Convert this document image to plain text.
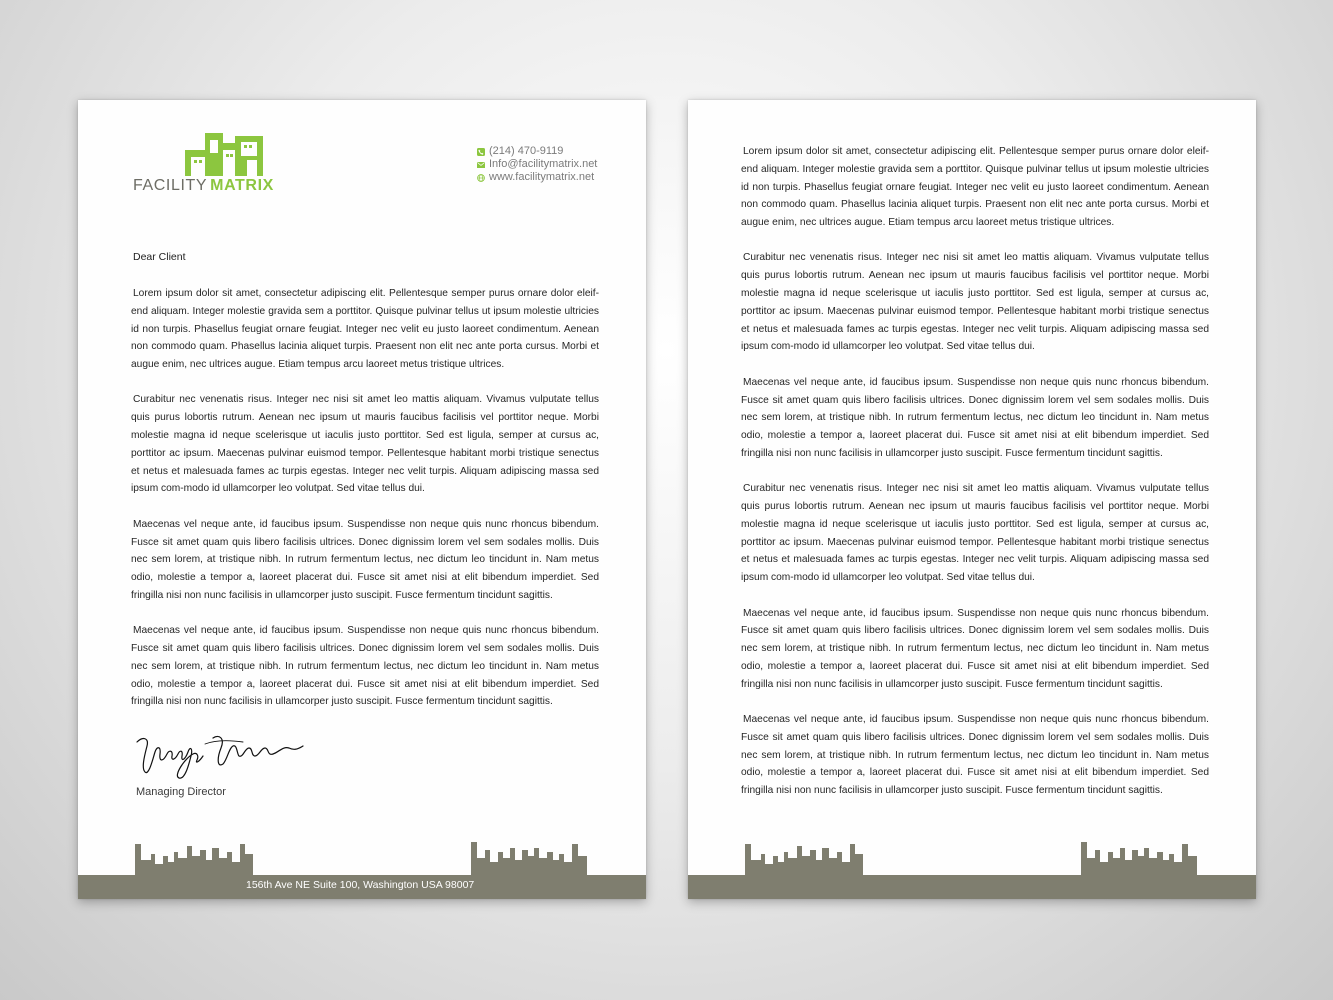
FACILITY MATRIX
(214) 470-9119
Info@facilitymatrix.net
www.facilitymatrix.net
Dear Client

Lorem ipsum dolor sit amet, consectetur adipiscing elit. Pellentesque semper purus ornare dolor eleif-end aliquam. Integer molestie gravida sem a porttitor. Quisque pulvinar tellus ut ipsum molestie ultricies id non turpis. Phasellus feugiat ornare feugiat. Integer nec velit eu justo laoreet condimentum. Aenean non commodo quam. Phasellus lacinia aliquet turpis. Praesent non elit nec ante porta cursus. Morbi et augue enim, nec ultrices augue. Etiam tempus arcu laoreet metus tristique ultrices.

Curabitur nec venenatis risus. Integer nec nisi sit amet leo mattis aliquam. Vivamus vulputate tellus quis purus lobortis rutrum. Aenean nec ipsum ut mauris faucibus facilisis vel porttitor neque. Morbi molestie magna id neque scelerisque ut iaculis justo porttitor. Sed est ligula, semper at cursus ac, porttitor ac ipsum. Maecenas pulvinar euismod tempor. Pellentesque habitant morbi tristique senectus et netus et malesuada fames ac turpis egestas. Integer nec velit turpis. Aliquam adipiscing massa sed ipsum com-modo id ullamcorper leo volutpat. Sed vitae tellus dui.

Maecenas vel neque ante, id faucibus ipsum. Suspendisse non neque quis nunc rhoncus bibendum. Fusce sit amet quam quis libero facilisis ultrices. Donec dignissim lorem vel sem sodales mollis. Duis nec sem lorem, at tristique nibh. In rutrum fermentum lectus, nec dictum leo tincidunt in. Nam metus odio, molestie a tempor a, laoreet placerat dui. Fusce sit amet nisi at elit bibendum imperdiet. Sed fringilla nisi non nunc facilisis in ullamcorper justo suscipit. Fusce fermentum tincidunt sagittis.

Maecenas vel neque ante, id faucibus ipsum. Suspendisse non neque quis nunc rhoncus bibendum. Fusce sit amet quam quis libero facilisis ultrices. Donec dignissim lorem vel sem sodales mollis. Duis nec sem lorem, at tristique nibh. In rutrum fermentum lectus, nec dictum leo tincidunt in. Nam metus odio, molestie a tempor a, laoreet placerat dui. Fusce sit amet nisi at elit bibendum imperdiet. Sed fringilla nisi non nunc facilisis in ullamcorper justo suscipit. Fusce fermentum tincidunt sagittis.

Managing Director
156th Ave NE Suite 100, Washington USA 98007

Lorem ipsum dolor sit amet, consectetur adipiscing elit. Pellentesque semper purus ornare dolor eleif-end aliquam. Integer molestie gravida sem a porttitor. Quisque pulvinar tellus ut ipsum molestie ultricies id non turpis. Phasellus feugiat ornare feugiat. Integer nec velit eu justo laoreet condimentum. Aenean non commodo quam. Phasellus lacinia aliquet turpis. Praesent non elit nec ante porta cursus. Morbi et augue enim, nec ultrices augue. Etiam tempus arcu laoreet metus tristique ultrices.

Curabitur nec venenatis risus. Integer nec nisi sit amet leo mattis aliquam. Vivamus vulputate tellus quis purus lobortis rutrum. Aenean nec ipsum ut mauris faucibus facilisis vel porttitor neque. Morbi molestie magna id neque scelerisque ut iaculis justo porttitor. Sed est ligula, semper at cursus ac, porttitor ac ipsum. Maecenas pulvinar euismod tempor. Pellentesque habitant morbi tristique senectus et netus et malesuada fames ac turpis egestas. Integer nec velit turpis. Aliquam adipiscing massa sed ipsum com-modo id ullamcorper leo volutpat. Sed vitae tellus dui.

Maecenas vel neque ante, id faucibus ipsum. Suspendisse non neque quis nunc rhoncus bibendum. Fusce sit amet quam quis libero facilisis ultrices. Donec dignissim lorem vel sem sodales mollis. Duis nec sem lorem, at tristique nibh. In rutrum fermentum lectus, nec dictum leo tincidunt in. Nam metus odio, molestie a tempor a, laoreet placerat dui. Fusce sit amet nisi at elit bibendum imperdiet. Sed fringilla nisi non nunc facilisis in ullamcorper justo suscipit. Fusce fermentum tincidunt sagittis.

Curabitur nec venenatis risus. Integer nec nisi sit amet leo mattis aliquam. Vivamus vulputate tellus quis purus lobortis rutrum. Aenean nec ipsum ut mauris faucibus facilisis vel porttitor neque. Morbi molestie magna id neque scelerisque ut iaculis justo porttitor. Sed est ligula, semper at cursus ac, porttitor ac ipsum. Maecenas pulvinar euismod tempor. Pellentesque habitant morbi tristique senectus et netus et malesuada fames ac turpis egestas. Integer nec velit turpis. Aliquam adipiscing massa sed ipsum com-modo id ullamcorper leo volutpat. Sed vitae tellus dui.

Maecenas vel neque ante, id faucibus ipsum. Suspendisse non neque quis nunc rhoncus bibendum. Fusce sit amet quam quis libero facilisis ultrices. Donec dignissim lorem vel sem sodales mollis. Duis nec sem lorem, at tristique nibh. In rutrum fermentum lectus, nec dictum leo tincidunt in. Nam metus odio, molestie a tempor a, laoreet placerat dui. Fusce sit amet nisi at elit bibendum imperdiet. Sed fringilla nisi non nunc facilisis in ullamcorper justo suscipit. Fusce fermentum tincidunt sagittis.

Maecenas vel neque ante, id faucibus ipsum. Suspendisse non neque quis nunc rhoncus bibendum. Fusce sit amet quam quis libero facilisis ultrices. Donec dignissim lorem vel sem sodales mollis. Duis nec sem lorem, at tristique nibh. In rutrum fermentum lectus, nec dictum leo tincidunt in. Nam metus odio, molestie a tempor a, laoreet placerat dui. Fusce sit amet nisi at elit bibendum imperdiet. Sed fringilla nisi non nunc facilisis in ullamcorper justo suscipit. Fusce fermentum tincidunt sagittis.
